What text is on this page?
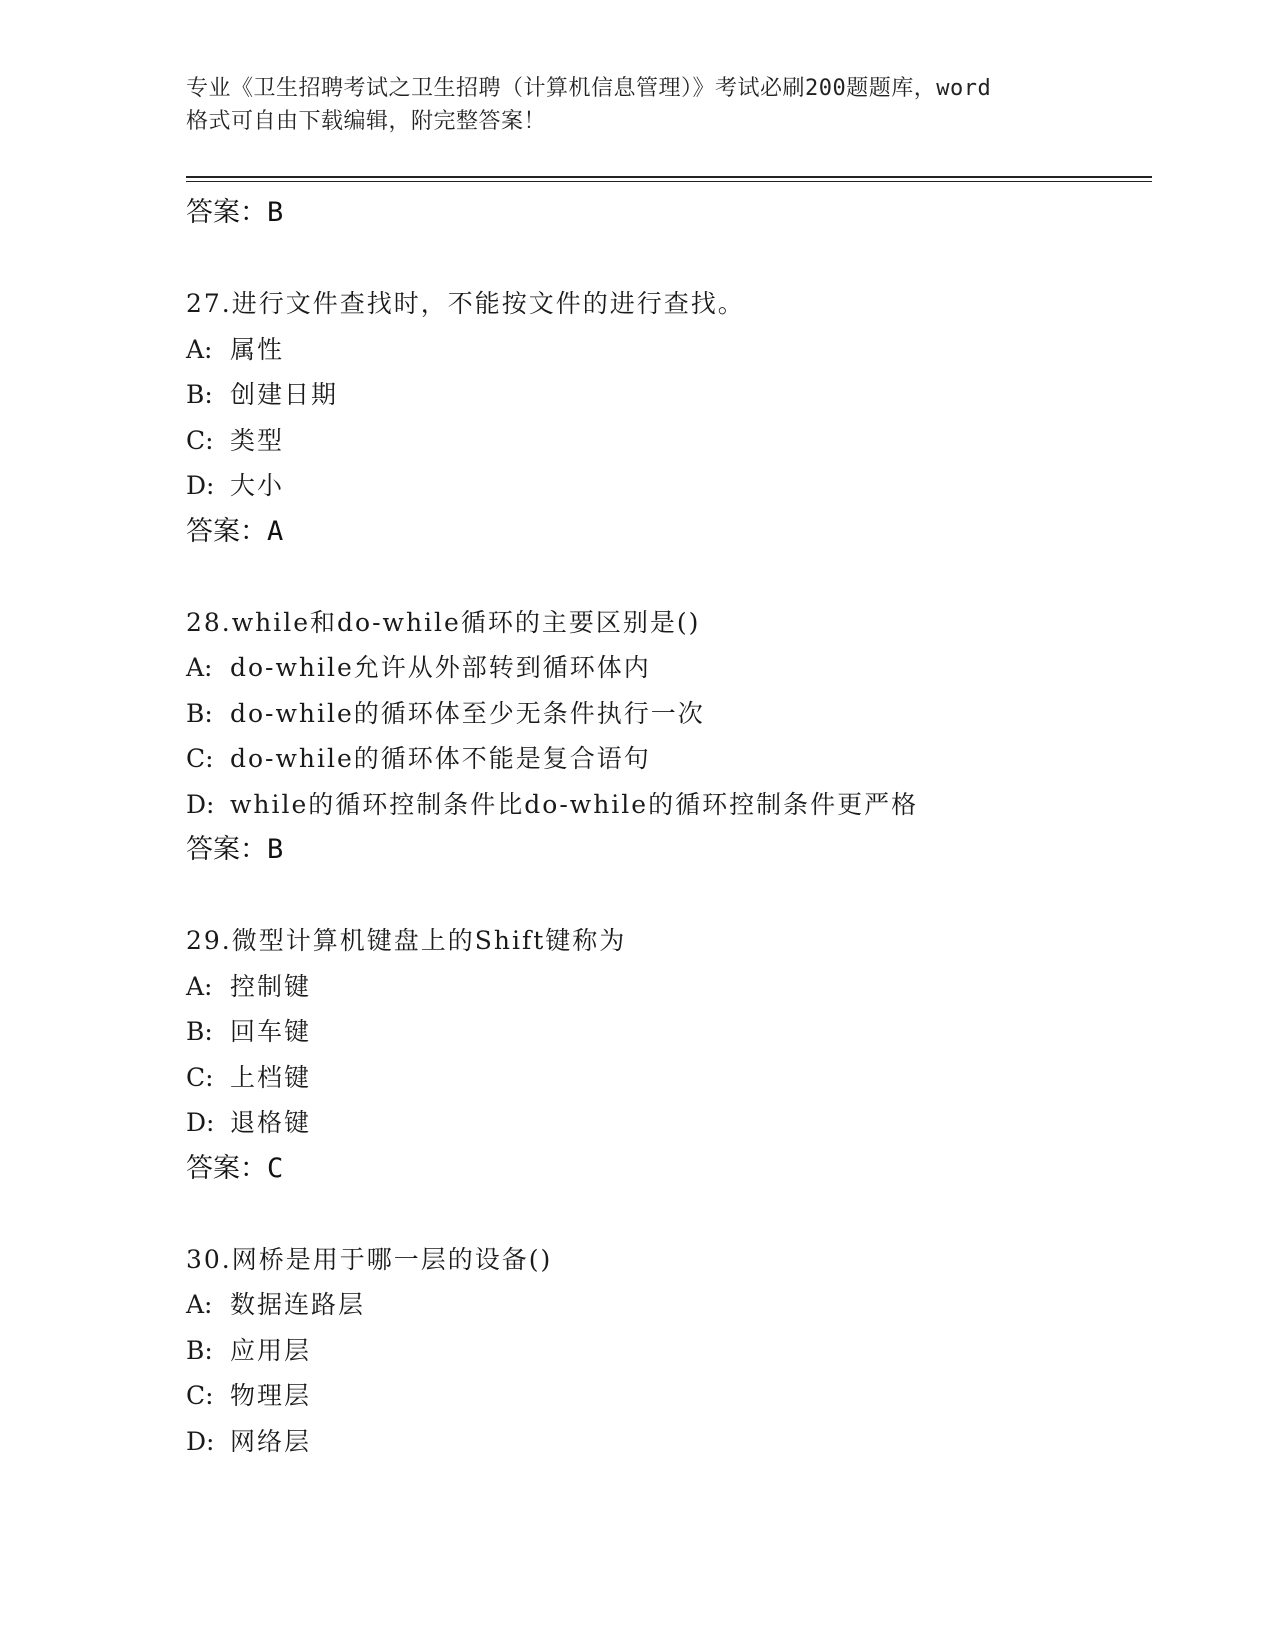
专业《卫生招聘考试之卫生招聘（计算机信息管理）》考试必刷200题题库，word
格式可自由下载编辑，附完整答案！
答案：B
27.进行文件查找时，不能按文件的进行查找。
A: 属性
B: 创建日期
C: 类型
D: 大小
答案：A
28.while和do-while循环的主要区别是()
A: do-while允许从外部转到循环体内
B: do-while的循环体至少无条件执行一次
C: do-while的循环体不能是复合语句
D: while的循环控制条件比do-while的循环控制条件更严格
答案：B
29.微型计算机键盘上的Shift键称为
A: 控制键
B: 回车键
C: 上档键
D: 退格键
答案：C
30.网桥是用于哪一层的设备()
A: 数据连路层
B: 应用层
C: 物理层
D: 网络层
